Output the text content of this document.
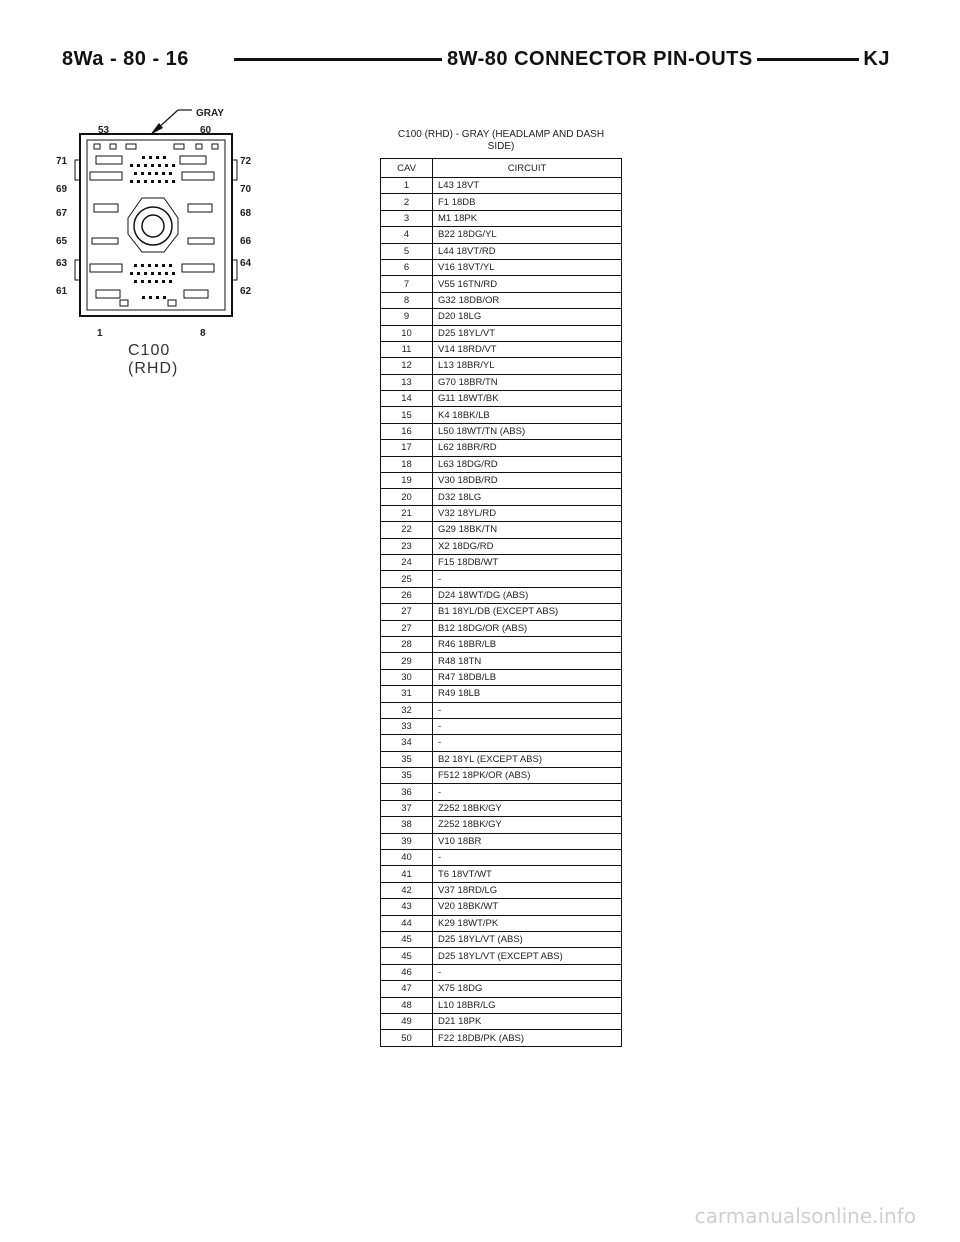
8Wa - 80 - 16	8W-80 CONNECTOR PIN-OUTS	KJ
GRAY
53	60
71	72
69	70
67	68
65	66
63	64
61	62
1	8
C100
(RHD)
C100 (RHD) - GRAY (HEADLAMP AND DASH
SIDE)
CAV	CIRCUIT
1	L43 18VT
2	F1 18DB
3	M1 18PK
4	B22 18DG/YL
5	L44 18VT/RD
6	V16 18VT/YL
7	V55 16TN/RD
8	G32 18DB/OR
9	D20 18LG
10	D25 18YL/VT
11	V14 18RD/VT
12	L13 18BR/YL
13	G70 18BR/TN
14	G11 18WT/BK
15	K4 18BK/LB
16	L50 18WT/TN (ABS)
17	L62 18BR/RD
18	L63 18DG/RD
19	V30 18DB/RD
20	D32 18LG
21	V32 18YL/RD
22	G29 18BK/TN
23	X2 18DG/RD
24	F15 18DB/WT
25	-
26	D24 18WT/DG (ABS)
27	B1 18YL/DB (EXCEPT ABS)
27	B12 18DG/OR (ABS)
28	R46 18BR/LB
29	R48 18TN
30	R47 18DB/LB
31	R49 18LB
32	-
33	-
34	-
35	B2 18YL (EXCEPT ABS)
35	F512 18PK/OR (ABS)
36	-
37	Z252 18BK/GY
38	Z252 18BK/GY
39	V10 18BR
40	-
41	T6 18VT/WT
42	V37 18RD/LG
43	V20 18BK/WT
44	K29 18WT/PK
45	D25 18YL/VT (ABS)
45	D25 18YL/VT (EXCEPT ABS)
46	-
47	X75 18DG
48	L10 18BR/LG
49	D21 18PK
50	F22 18DB/PK (ABS)
carmanualsonline.info
